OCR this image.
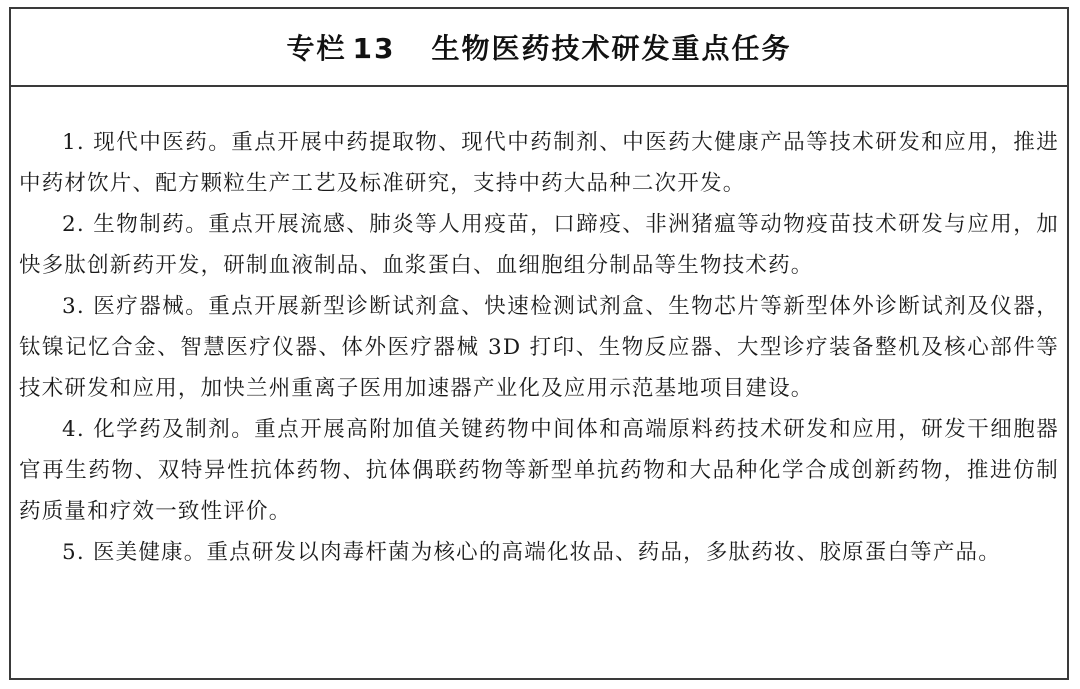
专栏 13 生物医药技术研发重点任务

1. 现代中医药。重点开展中药提取物、现代中药制剂、中医药大健康产品等技术研发和应用，推进中药材饮片、配方颗粒生产工艺及标准研究，支持中药大品种二次开发。

2. 生物制药。重点开展流感、肺炎等人用疫苗，口蹄疫、非洲猪瘟等动物疫苗技术研发与应用，加快多肽创新药开发，研制血液制品、血浆蛋白、血细胞组分制品等生物技术药。

3. 医疗器械。重点开展新型诊断试剂盒、快速检测试剂盒、生物芯片等新型体外诊断试剂及仪器，钛镍记忆合金、智慧医疗仪器、体外医疗器械 3D 打印、生物反应器、大型诊疗装备整机及核心部件等技术研发和应用，加快兰州重离子医用加速器产业化及应用示范基地项目建设。

4. 化学药及制剂。重点开展高附加值关键药物中间体和高端原料药技术研发和应用，研发干细胞器官再生药物、双特异性抗体药物、抗体偶联药物等新型单抗药物和大品种化学合成创新药物，推进仿制药质量和疗效一致性评价。

5. 医美健康。重点研发以肉毒杆菌为核心的高端化妆品、药品，多肽药妆、胶原蛋白等产品。
